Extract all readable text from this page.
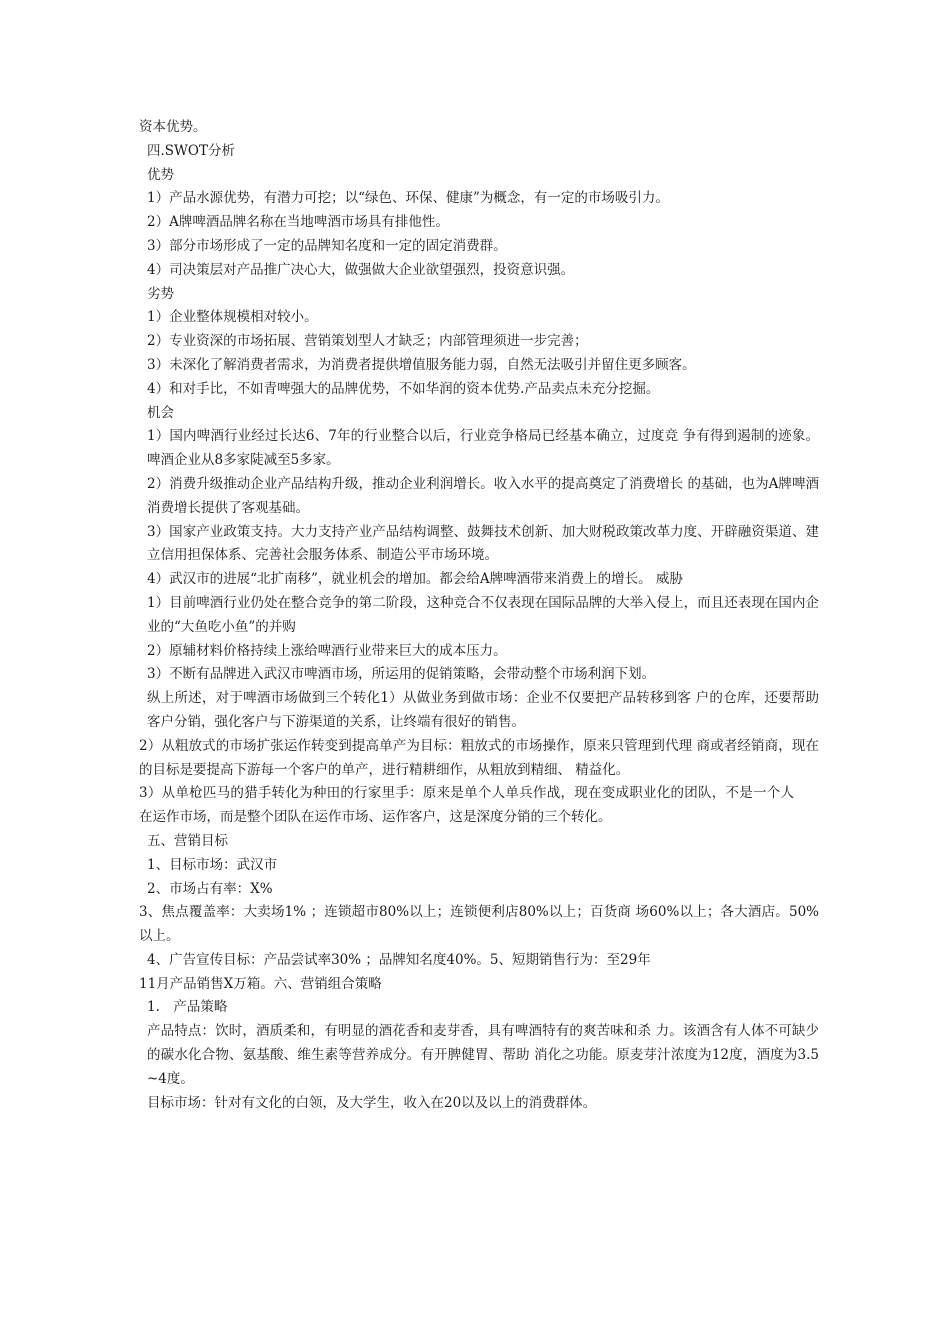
资本优势。

四.SWOT分析

优势

1）产品水源优势，有潜力可挖；以“绿色、环保、健康”为概念，有一定的市场吸引力。

2）A牌啤酒品牌名称在当地啤酒市场具有排他性。

3）部分市场形成了一定的品牌知名度和一定的固定消费群。

4）司决策层对产品推广决心大，做强做大企业欲望强烈，投资意识强。

劣势

1）企业整体规模相对较小。

2）专业资深的市场拓展、营销策划型人才缺乏；内部管理须进一步完善；

3）未深化了解消费者需求，为消费者提供增值服务能力弱，自然无法吸引并留住更多顾客。

4）和对手比，不如青啤强大的品牌优势，不如华润的资本优势.产品卖点未充分挖掘。

机会

1）国内啤酒行业经过长达6、7年的行业整合以后，行业竞争格局已经基本确立，过度竞 争有得到遏制的迹象。啤酒企业从8多家陡减至5多家。

2）消费升级推动企业产品结构升级，推动企业利润增长。收入水平的提高奠定了消费增长 的基础，也为A牌啤酒消费增长提供了客观基础。

3）国家产业政策支持。大力支持产业产品结构调整、鼓舞技术创新、加大财税政策改革力度、开辟融资渠道、建立信用担保体系、完善社会服务体系、制造公平市场环境。

4）武汉市的进展“北扩南移”，就业机会的增加。都会给A牌啤酒带来消费上的增长。 威胁

1）目前啤酒行业仍处在整合竞争的第二阶段，这种竞合不仅表现在国际品牌的大举入侵上，而且还表现在国内企业的“大鱼吃小鱼”的并购

2）原辅材料价格持续上涨给啤酒行业带来巨大的成本压力。

3）不断有品牌进入武汉市啤酒市场，所运用的促销策略，会带动整个市场利润下划。

纵上所述，对于啤酒市场做到三个转化1）从做业务到做市场：企业不仅要把产品转移到客 户的仓库，还要帮助客户分销，强化客户与下游渠道的关系，让终端有很好的销售。

2）从粗放式的市场扩张运作转变到提高单产为目标：粗放式的市场操作，原来只管理到代理 商或者经销商，现在的目标是要提高下游每一个客户的单产，进行精耕细作，从粗放到精细、 精益化。

3）从单枪匹马的猎手转化为种田的行家里手：原来是单个人单兵作战，现在变成职业化的团队，不是一个人在运作市场，而是整个团队在运作市场、运作客户，这是深度分销的三个转化。

五、营销目标

1、目标市场：武汉市

2、市场占有率：X%

3、焦点覆盖率：大卖场1% ；连锁超市80%以上；连锁便利店80%以上；百货商 场60%以上；各大酒店。50%以上。

4、广告宣传目标：产品尝试率30% ；品牌知名度40%。5、短期销售行为：至29年

11月产品销售X万箱。六、营销组合策略

1.　产品策略

产品特点：饮时，酒质柔和，有明显的酒花香和麦芽香，具有啤酒特有的爽苦味和杀 力。该酒含有人体不可缺少的碳水化合物、氨基酸、维生素等营养成分。有开脾健胃、帮助 消化之功能。原麦芽汁浓度为12度，酒度为3.5~4度。

目标市场：针对有文化的白领，及大学生，收入在20以及以上的消费群体。
